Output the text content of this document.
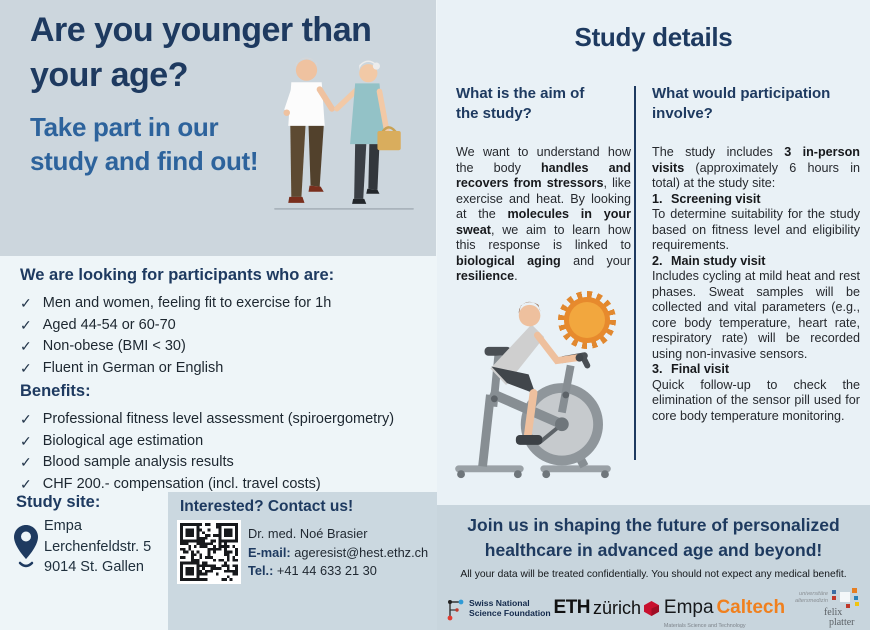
Are you younger than
your age?
Take part in our
study and find out!
We are looking for participants who are:
✓ Men and women, feeling fit to exercise for 1h
✓ Aged 44-54 or 60-70
✓ Non-obese (BMI < 30)
✓ Fluent in German or English
Benefits:
✓ Professional fitness level assessment (spiroergometry)
✓ Biological age estimation
✓ Blood sample analysis results
✓ CHF 200.- compensation (incl. travel costs)
Study site:
Empa
Lerchenfeldstr. 5
9014 St. Gallen
Interested? Contact us!
Dr. med. Noé Brasier
E-mail: ageresist@hest.ethz.ch
Tel.: +41 44 633 21 30
Study details
What is the aim of
the study?

We want to understand how the body handles and recovers from stressors, like exercise and heat. By looking at the molecules in your sweat, we aim to learn how this response is linked to biological aging and your resilience.

What would participation
involve?

The study includes 3 in-person visits (approximately 6 hours in total) at the study site:

1. Screening visit

To determine suitability for the study based on fitness level and eligibility requirements.

2. Main study visit

Includes cycling at mild heat and rest phases. Sweat samples will be collected and vital parameters (e.g., core body temperature, heart rate, respiratory rate) will be recorded using non-invasive sensors.

3. Final visit

Quick follow-up to check the elimination of the sensor pill used for core body temperature monitoring.

Join us in shaping the future of personalized
healthcare in advanced age and beyond!
All your data will be treated confidentially. You should not expect any medical benefit.
Swiss National
Science Foundation ETH zürich Empa
Materials Science and Technology
Caltech
universitäre
altersmedizin
felix
platter
